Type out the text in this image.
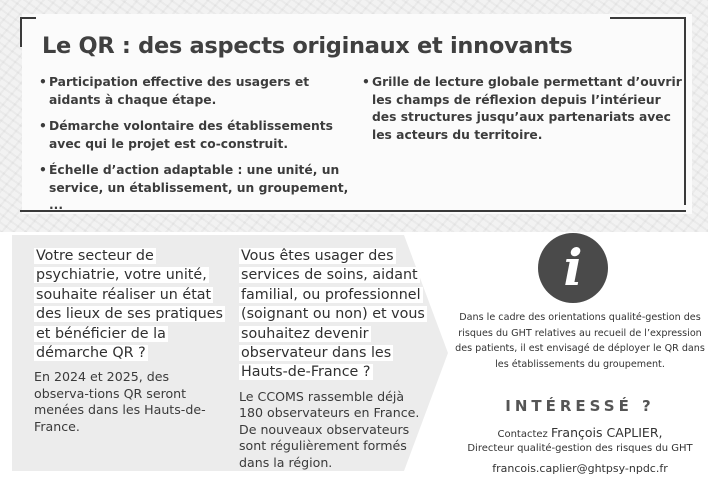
Le QR : des aspects originaux et innovants
• Participation effective des usagers et aidants à chaque étape.
• Démarche volontaire des établissements avec qui le projet est co-construit.
• Échelle d’action adaptable : une unité, un service, un établissement, un groupement, ...
• Grille de lecture globale permettant d’ouvrir les champs de réflexion depuis l’intérieur des structures jusqu’aux partenariats avec les acteurs du territoire.

Votre secteur de psychiatrie, votre unité, souhaite réaliser un état des lieux de ses pratiques et bénéficier de la démarche QR ?

En 2024 et 2025, des observa-tions QR seront menées dans les Hauts-de-France.

Vous êtes usager des services de soins, aidant familial, ou professionnel (soignant ou non) et vous souhaitez devenir observateur dans les Hauts-de-France ?

Le CCOMS rassemble déjà 180 observateurs en France. De nouveaux observateurs sont régulièrement formés dans la région.

i

Dans le cadre des orientations qualité-gestion des risques du GHT relatives au recueil de l’expression des patients, il est envisagé de déployer le QR dans les établissements du groupement.

INTÉRESSÉ ?

Contactez François CAPLIER,
Directeur qualité-gestion des risques du GHT

francois.caplier@ghtpsy-npdc.fr
